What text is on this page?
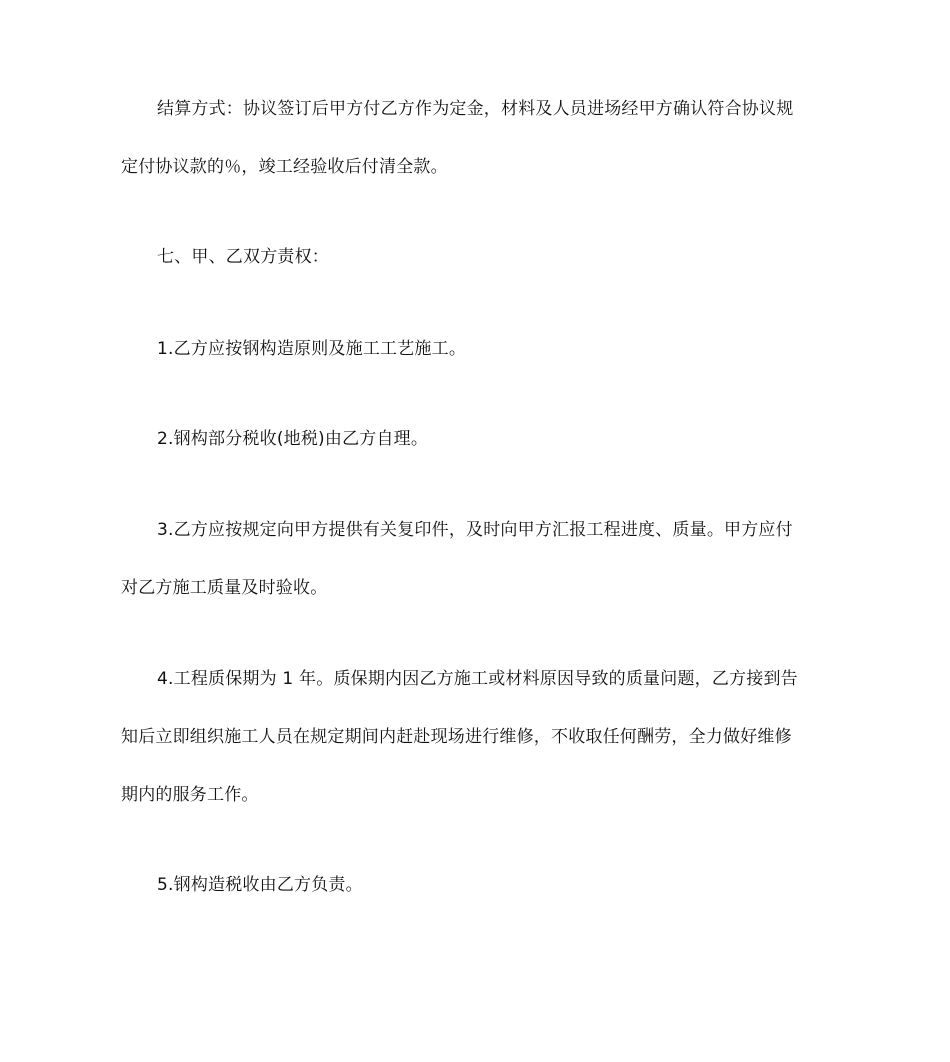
结算方式：协议签订后甲方付乙方作为定金，材料及人员进场经甲方确认符合协议规
定付协议款的％，竣工经验收后付清全款。
七、甲、乙双方责权：
1.乙方应按钢构造原则及施工工艺施工。
2.钢构部分税收(地税)由乙方自理。
3.乙方应按规定向甲方提供有关复印件，及时向甲方汇报工程进度、质量。甲方应付
对乙方施工质量及时验收。
4.工程质保期为 1 年。质保期内因乙方施工或材料原因导致的质量问题，乙方接到告
知后立即组织施工人员在规定期间内赶赴现场进行维修，不收取任何酬劳，全力做好维修
期内的服务工作。
5.钢构造税收由乙方负责。
